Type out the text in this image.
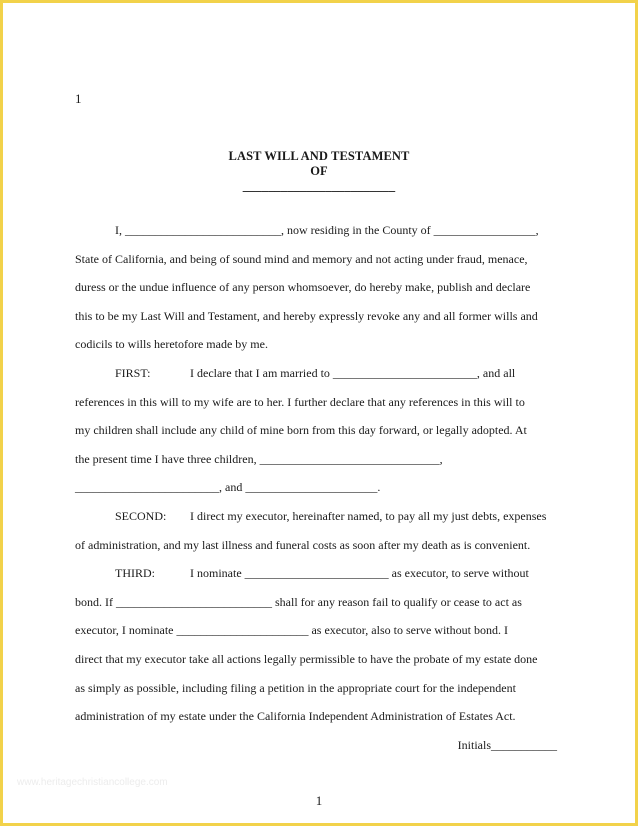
1
LAST WILL AND TESTAMENT
OF
________________________

I, __________________________, now residing in the County of _________________,

State of California, and being of sound mind and memory and not acting under fraud, menace,

duress or the undue influence of any person whomsoever, do hereby make, publish and declare

this to be my Last Will and Testament, and hereby expressly revoke any and all former wills and

codicils to wills heretofore made by me.

FIRST:	I declare that I am married to ________________________, and all

references in this will to my wife are to her. I further declare that any references in this will to

my children shall include any child of mine born from this day forward, or legally adopted. At

the present time I have three children, ______________________________,

________________________, and ______________________.

SECOND: I direct my executor, hereinafter named, to pay all my just debts, expenses

of administration, and my last illness and funeral costs as soon after my death as is convenient.

THIRD:	I nominate ________________________ as executor, to serve without

bond. If __________________________ shall for any reason fail to qualify or cease to act as

executor, I nominate ______________________ as executor, also to serve without bond. I

direct that my executor take all actions legally permissible to have the probate of my estate done

as simply as possible, including filing a petition in the appropriate court for the independent

administration of my estate under the California Independent Administration of Estates Act.

Initials___________

www.heritagechristiancollege.com
1
